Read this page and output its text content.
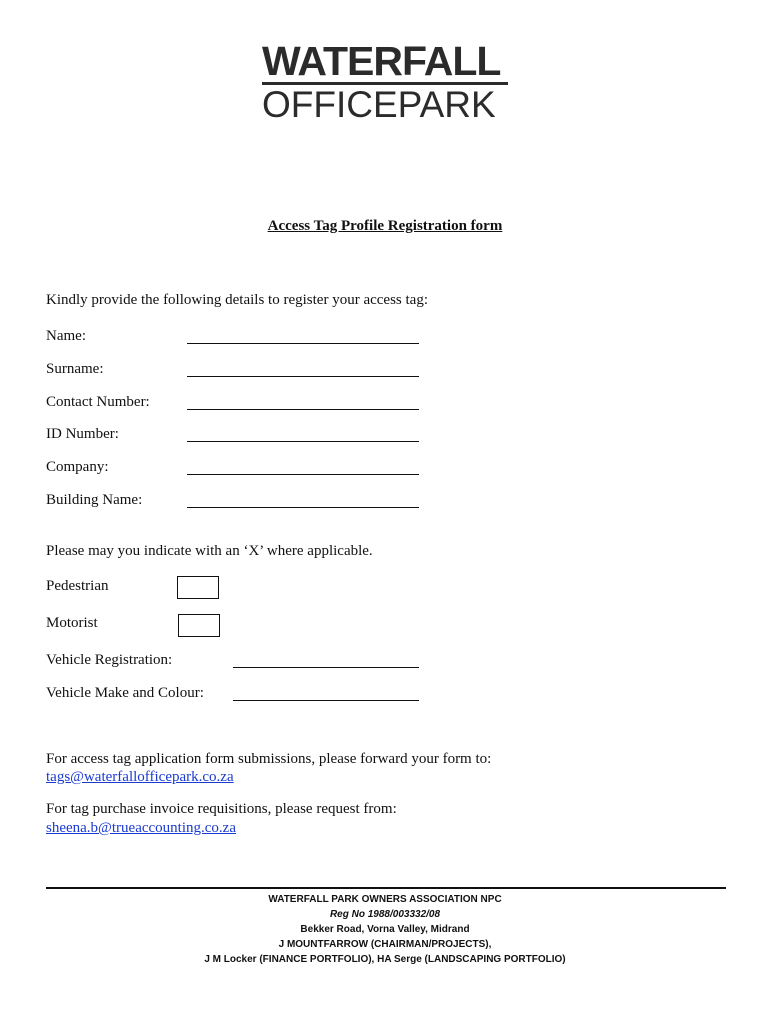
WATERFALL
OFFICEPARK
Access Tag Profile Registration form
Kindly provide the following details to register your access tag:
Name:
Surname:
Contact Number:
ID Number:
Company:
Building Name:
Please may you indicate with an ‘X’ where applicable.
Pedestrian
Motorist
Vehicle Registration:
Vehicle Make and Colour:
For access tag application form submissions, please forward your form to:
tags@waterfallofficepark.co.za
For tag purchase invoice requisitions, please request from:
sheena.b@trueaccounting.co.za
WATERFALL PARK OWNERS ASSOCIATION NPC
Reg No 1988/003332/08
Bekker Road, Vorna Valley, Midrand
J MOUNTFARROW (CHAIRMAN/PROJECTS),
J M Locker (FINANCE PORTFOLIO), HA Serge (LANDSCAPING PORTFOLIO)
